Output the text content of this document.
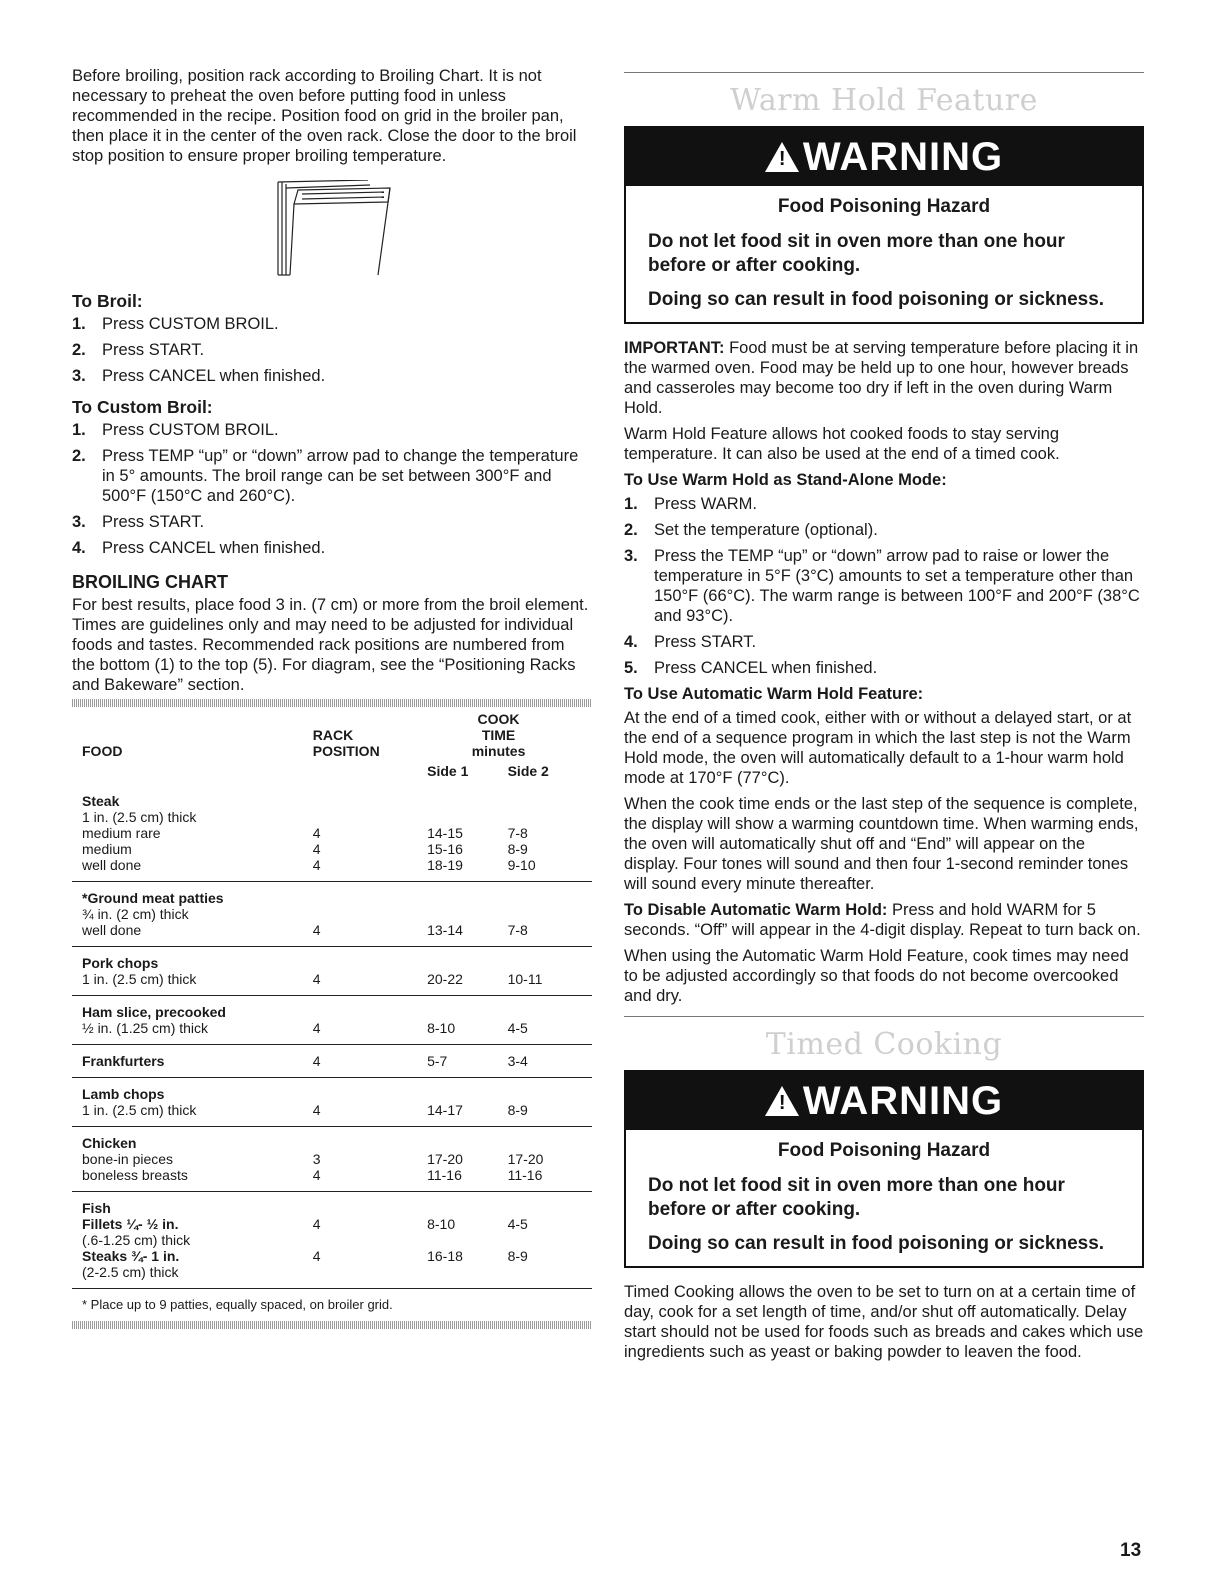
Before broiling, position rack according to Broiling Chart. It is not necessary to preheat the oven before putting food in unless recommended in the recipe. Position food on grid in the broiler pan, then place it in the center of the oven rack. Close the door to the broil stop position to ensure proper broiling temperature.

To Broil:
1. Press CUSTOM BROIL.
2. Press START.
3. Press CANCEL when finished.
To Custom Broil:
1. Press CUSTOM BROIL.
2. Press TEMP “up” or “down” arrow pad to change the temperature in 5° amounts. The broil range can be set between 300°F and 500°F (150°C and 260°C).
3. Press START.
4. Press CANCEL when finished.
BROILING CHART

For best results, place food 3 in. (7 cm) or more from the broil element. Times are guidelines only and may need to be adjusted for individual foods and tastes. Recommended rack positions are numbered from the bottom (1) to the top (5). For diagram, see the “Positioning Racks and Bakeware” section.

		COOK	
	RACK	TIME	
FOOD	POSITION	minutes	
		Side 1	Side 2
Steak			
1 in. (2.5 cm) thick			
medium rare	4	14-15	7-8
medium	4	15-16	8-9
well done	4	18-19	9-10
*Ground meat patties			
¾ in. (2 cm) thick			
well done	4	13-14	7-8
Pork chops			
1 in. (2.5 cm) thick	4	20-22	10-11
Ham slice, precooked			
½ in. (1.25 cm) thick	4	8-10	4-5
Frankfurters	4	5-7	3-4
Lamb chops			
1 in. (2.5 cm) thick	4	14-17	8-9
Chicken			
bone-in pieces	3	17-20	17-20
boneless breasts	4	11-16	11-16
Fish			
Fillets ¼- ½ in.	4	8-10	4-5
(.6-1.25 cm) thick			
Steaks ¾- 1 in.	4	16-18	8-9
(2-2.5 cm) thick			
* Place up to 9 patties, equally spaced, on broiler grid.			
Warm Hold Feature
!WARNING
Food Poisoning Hazard

Do not let food sit in oven more than one hour before or after cooking.

Doing so can result in food poisoning or sickness.

IMPORTANT: Food must be at serving temperature before placing it in the warmed oven. Food may be held up to one hour, however breads and casseroles may become too dry if left in the oven during Warm Hold.

Warm Hold Feature allows hot cooked foods to stay serving temperature. It can also be used at the end of a timed cook.

To Use Warm Hold as Stand-Alone Mode:
1. Press WARM.
2. Set the temperature (optional).
3. Press the TEMP “up” or “down” arrow pad to raise or lower the temperature in 5°F (3°C) amounts to set a temperature other than 150°F (66°C). The warm range is between 100°F and 200°F (38°C and 93°C).
4. Press START.
5. Press CANCEL when finished.
To Use Automatic Warm Hold Feature:

At the end of a timed cook, either with or without a delayed start, or at the end of a sequence program in which the last step is not the Warm Hold mode, the oven will automatically default to a 1-hour warm hold mode at 170°F (77°C).

When the cook time ends or the last step of the sequence is complete, the display will show a warming countdown time. When warming ends, the oven will automatically shut off and “End” will appear on the display. Four tones will sound and then four 1-second reminder tones will sound every minute thereafter.

To Disable Automatic Warm Hold: Press and hold WARM for 5 seconds. “Off” will appear in the 4-digit display. Repeat to turn back on.

When using the Automatic Warm Hold Feature, cook times may need to be adjusted accordingly so that foods do not become overcooked and dry.

Timed Cooking
!WARNING
Food Poisoning Hazard

Do not let food sit in oven more than one hour before or after cooking.

Doing so can result in food poisoning or sickness.

Timed Cooking allows the oven to be set to turn on at a certain time of day, cook for a set length of time, and/or shut off automatically. Delay start should not be used for foods such as breads and cakes which use ingredients such as yeast or baking powder to leaven the food.

13
